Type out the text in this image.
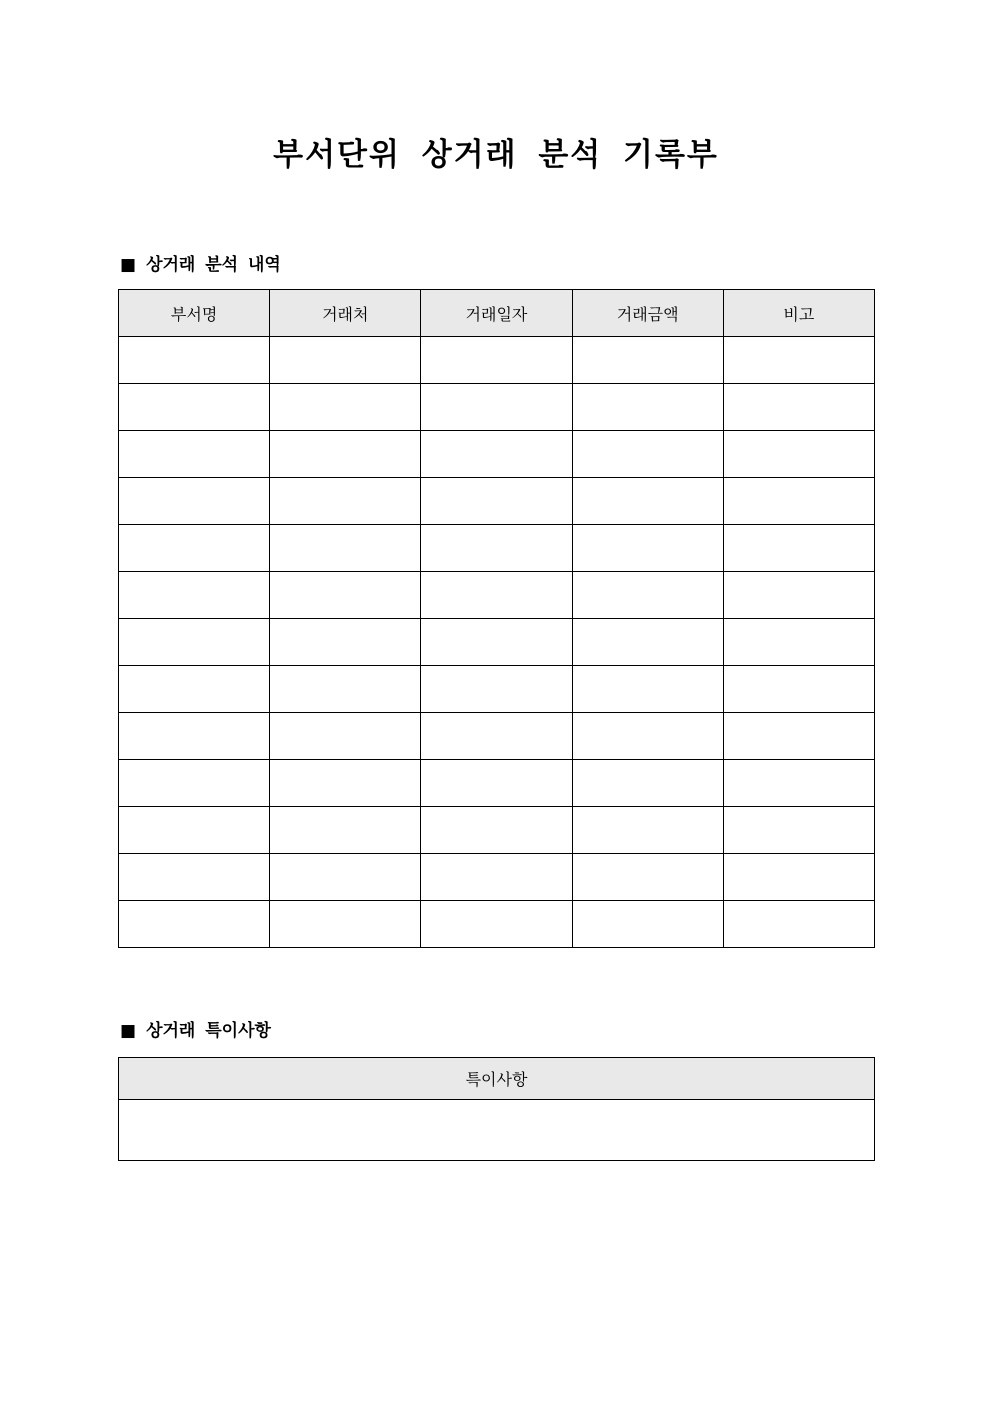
부서단위 상거래 분석 기록부
■ 상거래 분석 내역
부서명	거래처	거래일자	거래금액	비고

■ 상거래 특이사항
특이사항
